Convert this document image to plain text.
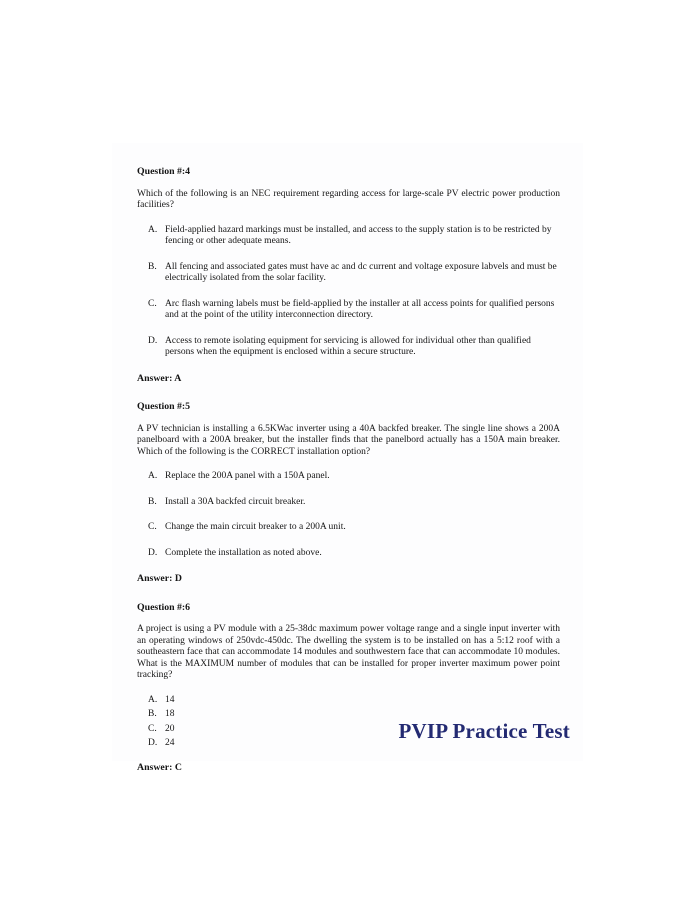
Question #:4

Which of the following is an NEC requirement regarding access for large-scale PV electric power production facilities?

A. Field-applied hazard markings must be installed, and access to the supply station is to be restricted by fencing or other adequate means.
B. All fencing and associated gates must have ac and dc current and voltage exposure labvels and must be electrically isolated from the solar facility.
C. Arc flash warning labels must be field-applied by the installer at all access points for qualified persons and at the point of the utility interconnection directory.
D. Access to remote isolating equipment for servicing is allowed for individual other than qualified persons when the equipment is enclosed within a secure structure.

Answer: A

Question #:5

A PV technician is installing a 6.5KWac inverter using a 40A backfed breaker. The single line shows a 200A panelboard with a 200A breaker, but the installer finds that the panelbord actually has a 150A main breaker. Which of the following is the CORRECT installation option?

A. Replace the 200A panel with a 150A panel.
B. Install a 30A backfed circuit breaker.
C. Change the main circuit breaker to a 200A unit.
D. Complete the installation as noted above.

Answer: D

Question #:6

A project is using a PV module with a 25-38dc maximum power voltage range and a single input inverter with an operating windows of 250vdc-450dc. The dwelling the system is to be installed on has a 5:12 roof with a southeastern face that can accommodate 14 modules and southwestern face that can accommodate 10 modules. What is the MAXIMUM number of modules that can be installed for proper inverter maximum power point tracking?

A. 14
B. 18
C. 20
D. 24

Answer: C

PVIP Practice Test
